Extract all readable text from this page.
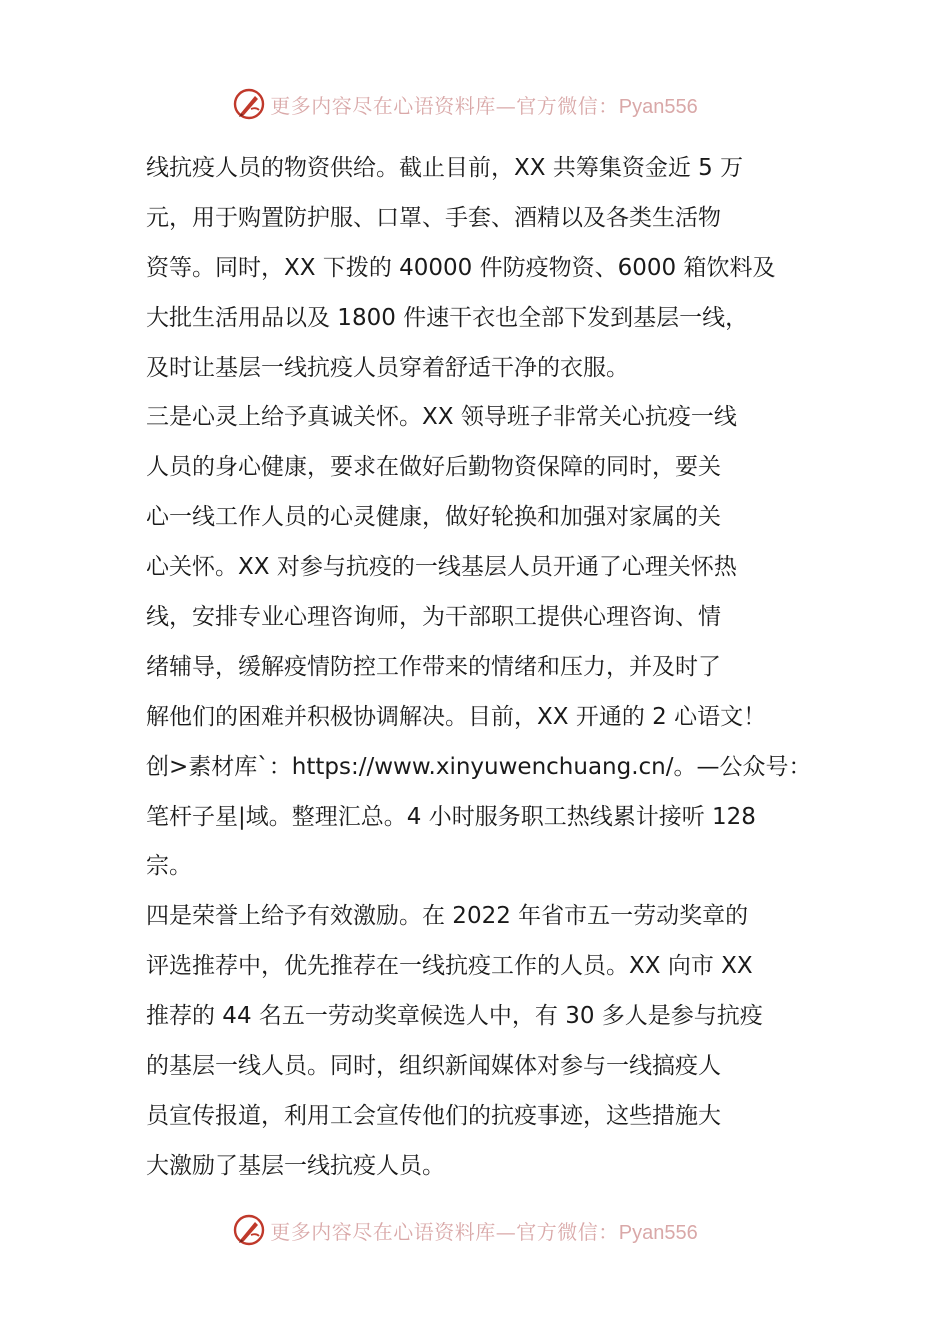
更多内容尽在心语资料库—官方微信：Pyan556
线抗疫人员的物资供给。截止目前，XX 共筹集资金近 5 万
元，用于购置防护服、口罩、手套、酒精以及各类生活物
资等。同时，XX 下拨的 40000 件防疫物资、6000 箱饮料及
大批生活用品以及 1800 件速干衣也全部下发到基层一线，
及时让基层一线抗疫人员穿着舒适干净的衣服。
三是心灵上给予真诚关怀。XX 领导班子非常关心抗疫一线
人员的身心健康，要求在做好后勤物资保障的同时，要关
心一线工作人员的心灵健康，做好轮换和加强对家属的关
心关怀。XX 对参与抗疫的一线基层人员开通了心理关怀热
线，安排专业心理咨询师，为干部职工提供心理咨询、情
绪辅导，缓解疫情防控工作带来的情绪和压力，并及时了
解他们的困难并积极协调解决。目前，XX 开通的 2 心语文！
创>素材库`：https://www.xinyuwenchuang.cn/。—公众号：
笔杆子星|域。整理汇总。4 小时服务职工热线累计接听 128
宗。
四是荣誉上给予有效激励。在 2022 年省市五一劳动奖章的
评选推荐中，优先推荐在一线抗疫工作的人员。XX 向市 XX
推荐的 44 名五一劳动奖章候选人中，有 30 多人是参与抗疫
的基层一线人员。同时，组织新闻媒体对参与一线搞疫人
员宣传报道，利用工会宣传他们的抗疫事迹，这些措施大
大激励了基层一线抗疫人员。
更多内容尽在心语资料库—官方微信：Pyan556
